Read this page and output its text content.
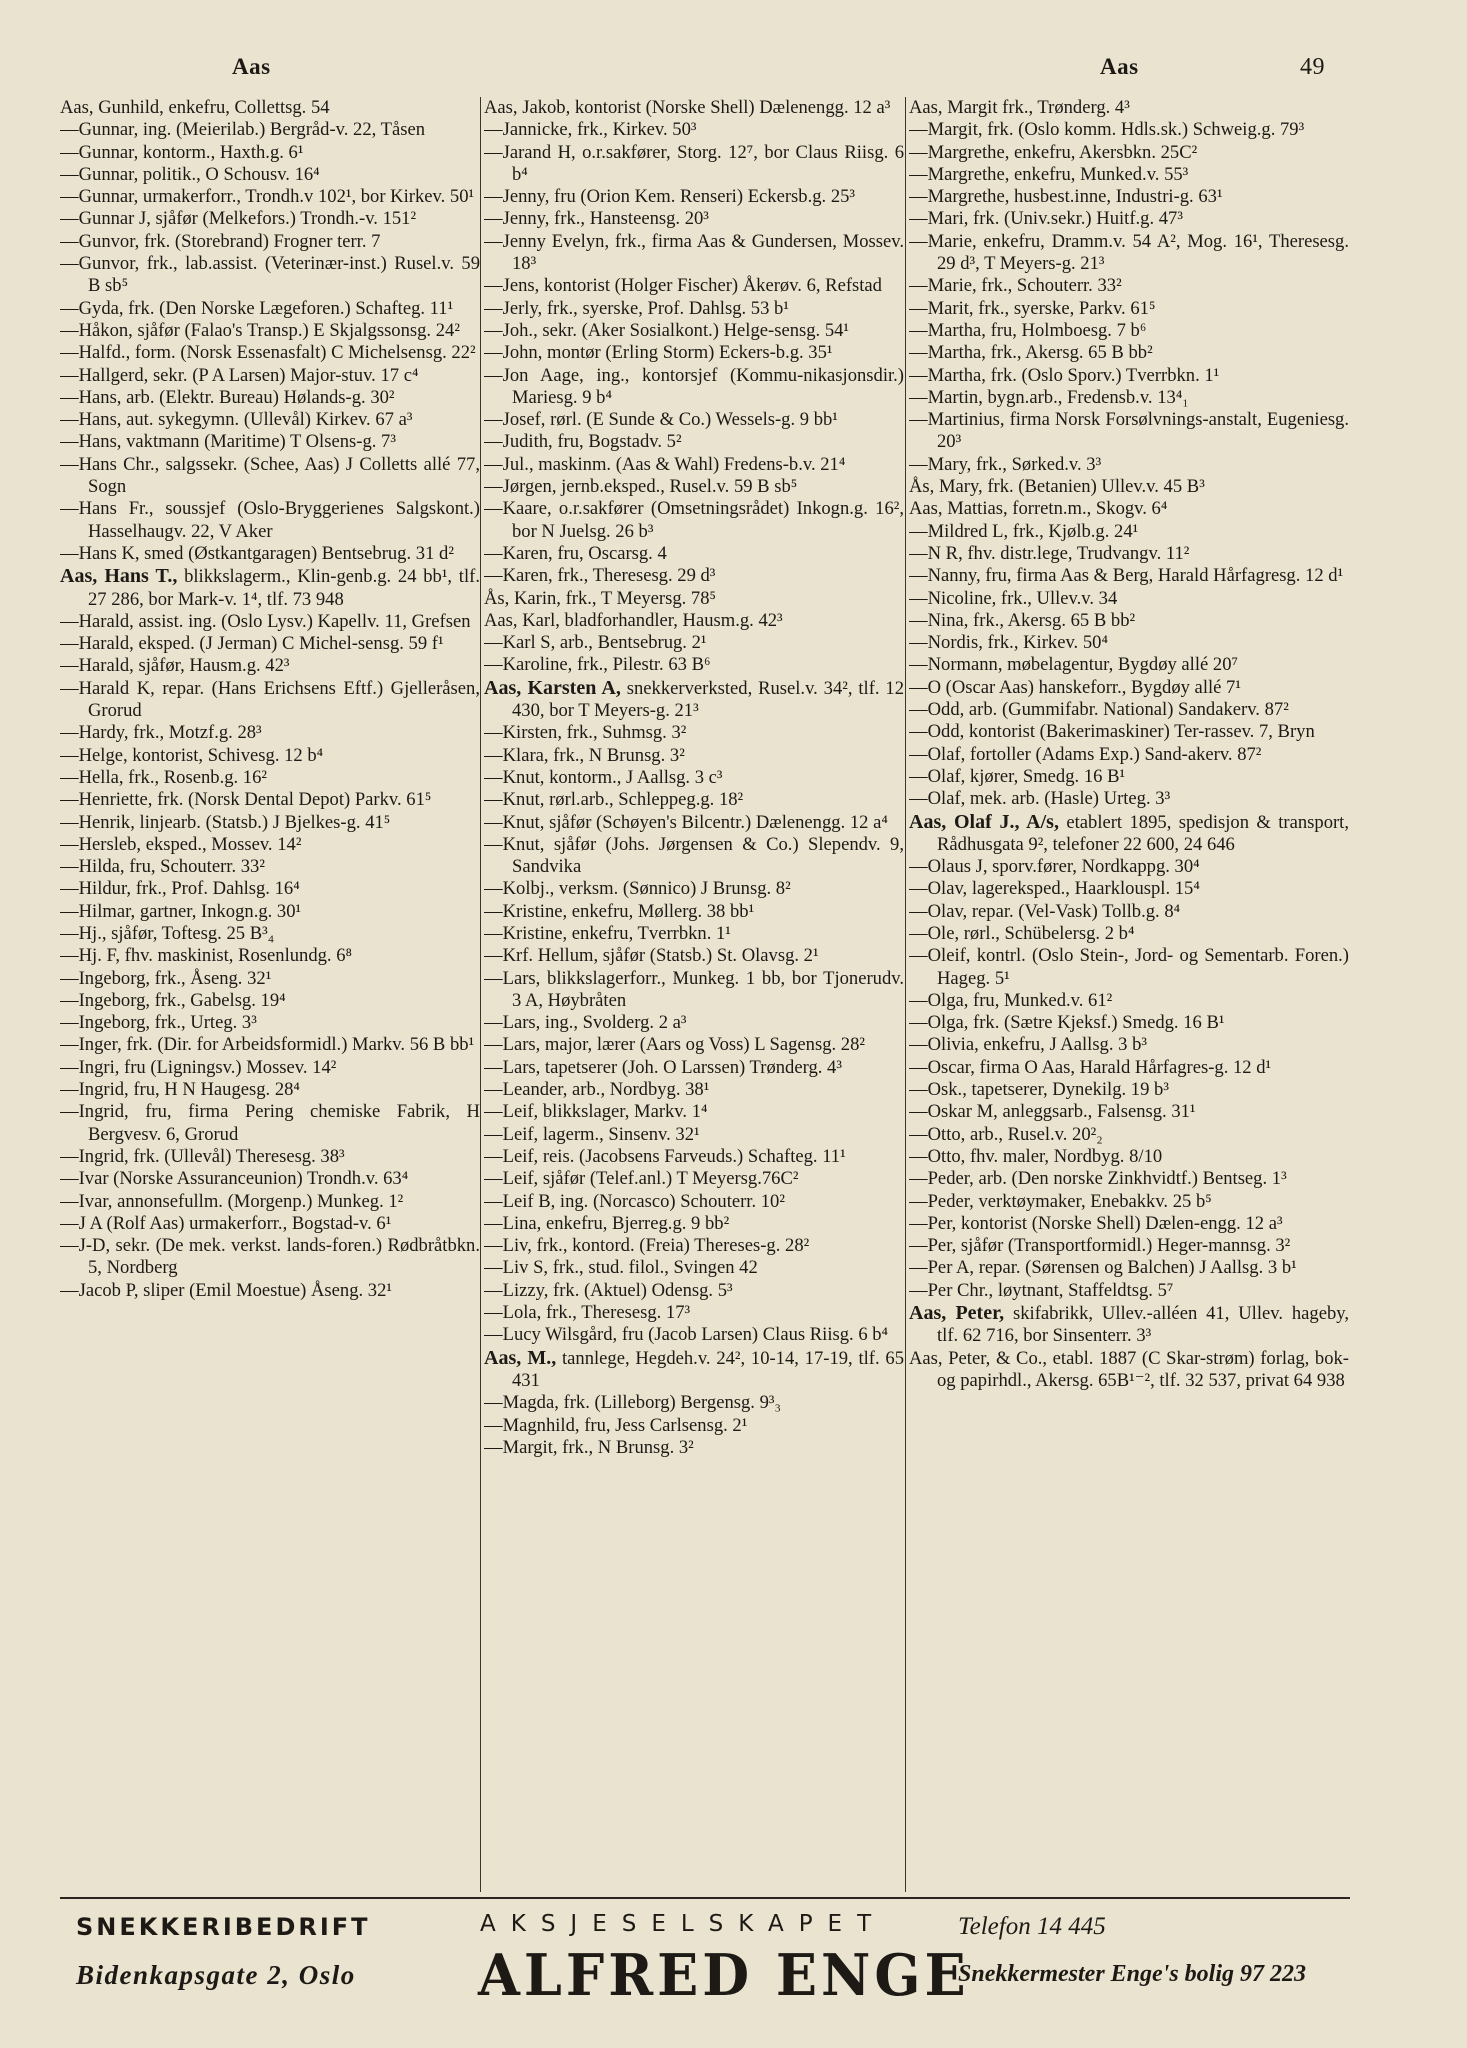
Aas	Aas	49

Aas, Gunhild, enkefru, Collettsg. 54

—Gunnar, ing. (Meierilab.) Bergråd-v. 22, Tåsen

—Gunnar, kontorm., Haxth.g. 6¹

—Gunnar, politik., O Schousv. 16⁴

—Gunnar, urmakerforr., Trondh.v 102¹, bor Kirkev. 50¹

—Gunnar J, sjåfør (Melkefors.) Trondh.-v. 151²

—Gunvor, frk. (Storebrand) Frogner terr. 7

—Gunvor, frk., lab.assist. (Veterinær-inst.) Rusel.v. 59 B sb⁵

—Gyda, frk. (Den Norske Lægeforen.) Schafteg. 11¹

—Håkon, sjåfør (Falao's Transp.) E Skjalgssonsg. 24²

—Halfd., form. (Norsk Essenasfalt) C Michelsensg. 22²

—Hallgerd, sekr. (P A Larsen) Major-stuv. 17 c⁴

—Hans, arb. (Elektr. Bureau) Hølands-g. 30²

—Hans, aut. sykegymn. (Ullevål) Kirkev. 67 a³

—Hans, vaktmann (Maritime) T Olsens-g. 7³

—Hans Chr., salgssekr. (Schee, Aas) J Colletts allé 77, Sogn

—Hans Fr., soussjef (Oslo-Bryggerienes Salgskont.) Hasselhaugv. 22, V Aker

—Hans K, smed (Østkantgaragen) Bentsebrug. 31 d²

Aas, Hans T., blikkslagerm., Klin-genb.g. 24 bb¹, tlf. 27 286, bor Mark-v. 1⁴, tlf. 73 948

—Harald, assist. ing. (Oslo Lysv.) Kapellv. 11, Grefsen

—Harald, eksped. (J Jerman) C Michel-sensg. 59 f¹

—Harald, sjåfør, Hausm.g. 42³

—Harald K, repar. (Hans Erichsens Eftf.) Gjelleråsen, Grorud

—Hardy, frk., Motzf.g. 28³

—Helge, kontorist, Schivesg. 12 b⁴

—Hella, frk., Rosenb.g. 16²

—Henriette, frk. (Norsk Dental Depot) Parkv. 61⁵

—Henrik, linjearb. (Statsb.) J Bjelkes-g. 41⁵

—Hersleb, eksped., Mossev. 14²

—Hilda, fru, Schouterr. 33²

—Hildur, frk., Prof. Dahlsg. 16⁴

—Hilmar, gartner, Inkogn.g. 30¹

—Hj., sjåfør, Toftesg. 25 B³₄

—Hj. F, fhv. maskinist, Rosenlundg. 6⁸

—Ingeborg, frk., Åseng. 32¹

—Ingeborg, frk., Gabelsg. 19⁴

—Ingeborg, frk., Urteg. 3³

—Inger, frk. (Dir. for Arbeidsformidl.) Markv. 56 B bb¹

—Ingri, fru (Ligningsv.) Mossev. 14²

—Ingrid, fru, H N Haugesg. 28⁴

—Ingrid, fru, firma Pering chemiske Fabrik, H Bergvesv. 6, Grorud

—Ingrid, frk. (Ullevål) Theresesg. 38³

—Ivar (Norske Assuranceunion) Trondh.v. 63⁴

—Ivar, annonsefullm. (Morgenp.) Munkeg. 1²

—J A (Rolf Aas) urmakerforr., Bogstad-v. 6¹

—J-D, sekr. (De mek. verkst. lands-foren.) Rødbråtbkn. 5, Nordberg

—Jacob P, sliper (Emil Moestue) Åseng. 32¹

Aas, Jakob, kontorist (Norske Shell) Dælenengg. 12 a³

—Jannicke, frk., Kirkev. 50³

—Jarand H, o.r.sakfører, Storg. 12⁷, bor Claus Riisg. 6 b⁴

—Jenny, fru (Orion Kem. Renseri) Eckersb.g. 25³

—Jenny, frk., Hansteensg. 20³

—Jenny Evelyn, frk., firma Aas & Gundersen, Mossev. 18³

—Jens, kontorist (Holger Fischer) Åkerøv. 6, Refstad

—Jerly, frk., syerske, Prof. Dahlsg. 53 b¹

—Joh., sekr. (Aker Sosialkont.) Helge-sensg. 54¹

—John, montør (Erling Storm) Eckers-b.g. 35¹

—Jon Aage, ing., kontorsjef (Kommu-nikasjonsdir.) Mariesg. 9 b⁴

—Josef, rørl. (E Sunde & Co.) Wessels-g. 9 bb¹

—Judith, fru, Bogstadv. 5²

—Jul., maskinm. (Aas & Wahl) Fredens-b.v. 21⁴

—Jørgen, jernb.eksped., Rusel.v. 59 B sb⁵

—Kaare, o.r.sakfører (Omsetningsrådet) Inkogn.g. 16², bor N Juelsg. 26 b³

—Karen, fru, Oscarsg. 4

—Karen, frk., Theresesg. 29 d³

Ås, Karin, frk., T Meyersg. 78⁵

Aas, Karl, bladforhandler, Hausm.g. 42³

—Karl S, arb., Bentsebrug. 2¹

—Karoline, frk., Pilestr. 63 B⁶

Aas, Karsten A, snekkerverksted, Rusel.v. 34², tlf. 12 430, bor T Meyers-g. 21³

—Kirsten, frk., Suhmsg. 3²

—Klara, frk., N Brunsg. 3²

—Knut, kontorm., J Aallsg. 3 c³

—Knut, rørl.arb., Schleppeg.g. 18²

—Knut, sjåfør (Schøyen's Bilcentr.) Dælenengg. 12 a⁴

—Knut, sjåfør (Johs. Jørgensen & Co.) Slependv. 9, Sandvika

—Kolbj., verksm. (Sønnico) J Brunsg. 8²

—Kristine, enkefru, Møllerg. 38 bb¹

—Kristine, enkefru, Tverrbkn. 1¹

—Krf. Hellum, sjåfør (Statsb.) St. Olavsg. 2¹

—Lars, blikkslagerforr., Munkeg. 1 bb, bor Tjonerudv. 3 A, Høybråten

—Lars, ing., Svolderg. 2 a³

—Lars, major, lærer (Aars og Voss) L Sagensg. 28²

—Lars, tapetserer (Joh. O Larssen) Trønderg. 4³

—Leander, arb., Nordbyg. 38¹

—Leif, blikkslager, Markv. 1⁴

—Leif, lagerm., Sinsenv. 32¹

—Leif, reis. (Jacobsens Farveuds.) Schafteg. 11¹

—Leif, sjåfør (Telef.anl.) T Meyersg.76C²

—Leif B, ing. (Norcasco) Schouterr. 10²

—Lina, enkefru, Bjerreg.g. 9 bb²

—Liv, frk., kontord. (Freia) Thereses-g. 28²

—Liv S, frk., stud. filol., Svingen 42

—Lizzy, frk. (Aktuel) Odensg. 5³

—Lola, frk., Theresesg. 17³

—Lucy Wilsgård, fru (Jacob Larsen) Claus Riisg. 6 b⁴

Aas, M., tannlege, Hegdeh.v. 24², 10-14, 17-19, tlf. 65 431

—Magda, frk. (Lilleborg) Bergensg. 9³₃

—Magnhild, fru, Jess Carlsensg. 2¹

—Margit, frk., N Brunsg. 3²

Aas, Margit frk., Trønderg. 4³

—Margit, frk. (Oslo komm. Hdls.sk.) Schweig.g. 79³

—Margrethe, enkefru, Akersbkn. 25C²

—Margrethe, enkefru, Munked.v. 55³

—Margrethe, husbest.inne, Industri-g. 63¹

—Mari, frk. (Univ.sekr.) Huitf.g. 47³

—Marie, enkefru, Dramm.v. 54 A², Mog. 16¹, Theresesg. 29 d³, T Meyers-g. 21³

—Marie, frk., Schouterr. 33²

—Marit, frk., syerske, Parkv. 61⁵

—Martha, fru, Holmboesg. 7 b⁶

—Martha, frk., Akersg. 65 B bb²

—Martha, frk. (Oslo Sporv.) Tverrbkn. 1¹

—Martin, bygn.arb., Fredensb.v. 13⁴₁

—Martinius, firma Norsk Forsølvnings-anstalt, Eugeniesg. 20³

—Mary, frk., Sørked.v. 3³

Ås, Mary, frk. (Betanien) Ullev.v. 45 B³

Aas, Mattias, forretn.m., Skogv. 6⁴

—Mildred L, frk., Kjølb.g. 24¹

—N R, fhv. distr.lege, Trudvangv. 11²

—Nanny, fru, firma Aas & Berg, Harald Hårfagresg. 12 d¹

—Nicoline, frk., Ullev.v. 34

—Nina, frk., Akersg. 65 B bb²

—Nordis, frk., Kirkev. 50⁴

—Normann, møbelagentur, Bygdøy allé 20⁷

—O (Oscar Aas) hanskeforr., Bygdøy allé 7¹

—Odd, arb. (Gummifabr. National) Sandakerv. 87²

—Odd, kontorist (Bakerimaskiner) Ter-rassev. 7, Bryn

—Olaf, fortoller (Adams Exp.) Sand-akerv. 87²

—Olaf, kjører, Smedg. 16 B¹

—Olaf, mek. arb. (Hasle) Urteg. 3³

Aas, Olaf J., A/s, etablert 1895, spedisjon & transport, Rådhusgata 9², telefoner 22 600, 24 646

—Olaus J, sporv.fører, Nordkappg. 30⁴

—Olav, lagereksped., Haarklouspl. 15⁴

—Olav, repar. (Vel-Vask) Tollb.g. 8⁴

—Ole, rørl., Schübelersg. 2 b⁴

—Oleif, kontrl. (Oslo Stein-, Jord- og Sementarb. Foren.) Hageg. 5¹

—Olga, fru, Munked.v. 61²

—Olga, frk. (Sætre Kjeksf.) Smedg. 16 B¹

—Olivia, enkefru, J Aallsg. 3 b³

—Oscar, firma O Aas, Harald Hårfagres-g. 12 d¹

—Osk., tapetserer, Dynekilg. 19 b³

—Oskar M, anleggsarb., Falsensg. 31¹

—Otto, arb., Rusel.v. 20²₂

—Otto, fhv. maler, Nordbyg. 8/10

—Peder, arb. (Den norske Zinkhvidtf.) Bentseg. 1³

—Peder, verktøymaker, Enebakkv. 25 b⁵

—Per, kontorist (Norske Shell) Dælen-engg. 12 a³

—Per, sjåfør (Transportformidl.) Heger-mannsg. 3²

—Per A, repar. (Sørensen og Balchen) J Aallsg. 3 b¹

—Per Chr., løytnant, Staffeldtsg. 5⁷

Aas, Peter, skifabrikk, Ullev.-alléen 41, Ullev. hageby, tlf. 62 716, bor Sinsenterr. 3³

Aas, Peter, & Co., etabl. 1887 (C Skar-strøm) forlag, bok- og papirhdl., Akersg. 65B¹⁻², tlf. 32 537, privat 64 938

SNEKKERIBEDRIFT
Bidenkapsgate 2, Oslo
AKSJESELSKAPET
ALFRED ENGE
Telefon 14 445
Snekkermester Enge's bolig 97 223
